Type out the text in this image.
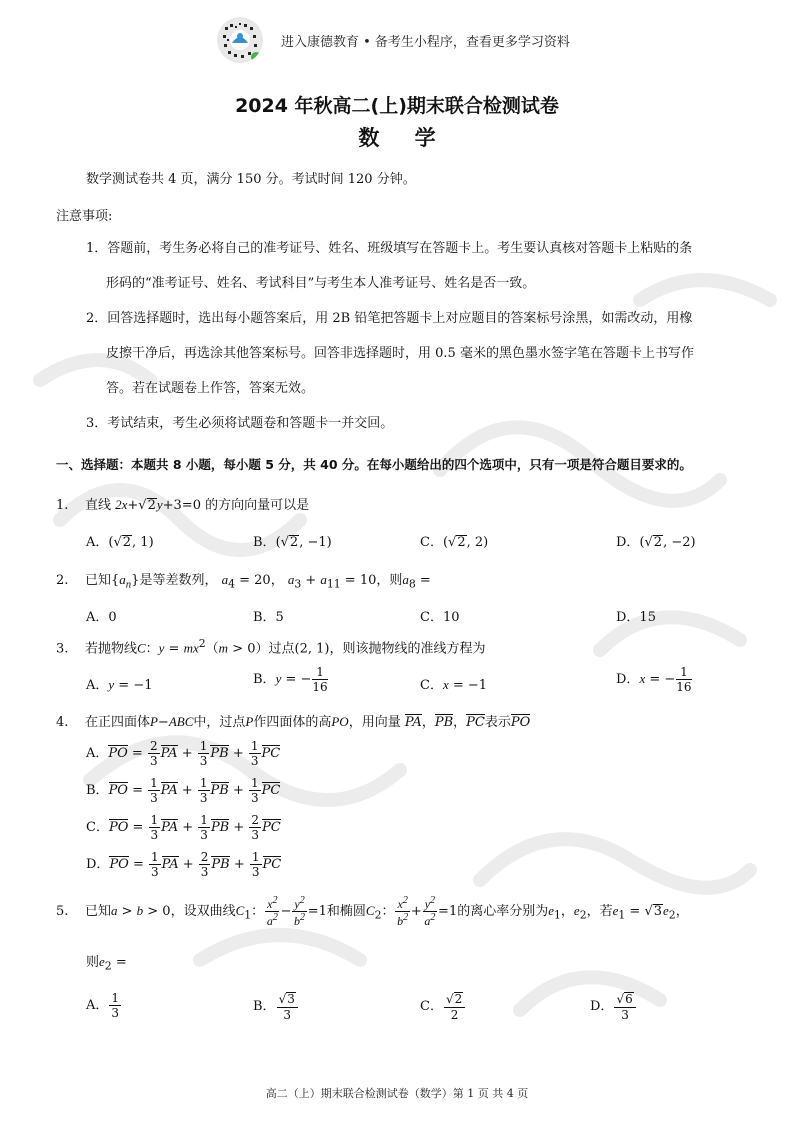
进入康德教育 • 备考生小程序，查看更多学习资料
2024 年秋高二(上)期末联合检测试卷
数 学
数学测试卷共 4 页，满分 150 分。考试时间 120 分钟。
注意事项:
1．答题前，考生务必将自己的准考证号、姓名、班级填写在答题卡上。考生要认真核对答题卡上粘贴的条
形码的“准考证号、姓名、考试科目”与考生本人准考证号、姓名是否一致。
2．回答选择题时，选出每小题答案后，用 2B 铅笔把答题卡上对应题目的答案标号涂黑，如需改动，用橡
皮擦干净后，再选涂其他答案标号。回答非选择题时，用 0.5 毫米的黑色墨水签字笔在答题卡上书写作
答。若在试题卷上作答，答案无效。
3．考试结束，考生必须将试题卷和答题卡一并交回。
一、选择题：本题共 8 小题，每小题 5 分，共 40 分。在每小题给出的四个选项中，只有一项是符合题目要求的。
1. 直线 2x+√2y+3=0 的方向向量可以是
A．(√2, 1)	B．(√2, −1)	C．(√2, 2)	D．(√2, −2)
2. 已知$\{a_n\}$是等差数列， $a_4 = 20$， $a_3 + a_{11} = 10$，则$a_8$ =
A．0	B．5	C．10	D．15
3. 若抛物线C：$y = mx^2(m > 0)$过点(2, 1)，则该抛物线的准线方程为
A．y = −1	B．y = − $\frac{1}{16}$	C．x = −1	D．x = − $\frac{1}{16}$
4. 在正四面体P−ABC中，过点P作四面体的高PO，用向量 PA，PB，PC表示PO
A．PO = $\frac{2}{3}$ PA + $\frac{1}{3}$ PB + $\frac{1}{3}$ PC
B．PO = $\frac{1}{3}$ PA + $\frac{1}{3}$ PB + $\frac{1}{3}$ PC
C．PO = $\frac{1}{3}$ PA + $\frac{1}{3}$ PB + $\frac{2}{3}$ PC
D．PO = $\frac{1}{3}$ PA + $\frac{2}{3}$ PB + $\frac{1}{3}$ PC
5. 已知a > b > 0，设双曲线$C_1$： $\frac{x^2}{a^2} - \frac{y^2}{b^2} =1$和椭圆$C_2$： $\frac{x^2}{b^2} + \frac{y^2}{a^2} =1$的离心率分别为$e_1$，$e_2$，若$e_1 = √3e_2$，
则$e_2$ =
A． $\frac{1}{3}$	B． $\frac{√3}{3}$	C． $\frac{√2}{2}$	D． $\frac{√6}{3}$
高二（上）期末联合检测试卷（数学）第 1 页 共 4 页
